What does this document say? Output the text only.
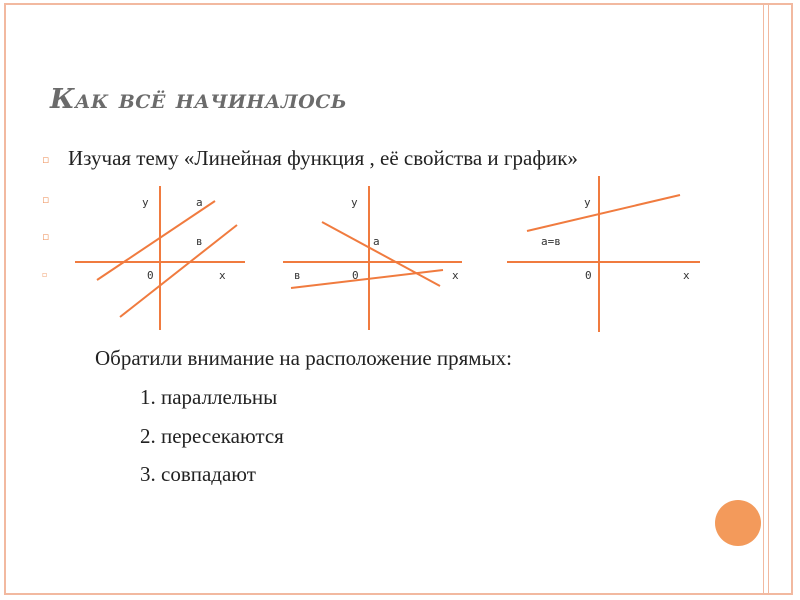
Как всё начиналось
▫
▫
▫
▫
Изучая тему «Линейная функция , её свойства и график»
y	а
в
0	x
y
а
в	0	x
y
а=в
0	x
Обратили внимание на расположение прямых:
1. параллельны
2. пересекаются
3. совпадают
